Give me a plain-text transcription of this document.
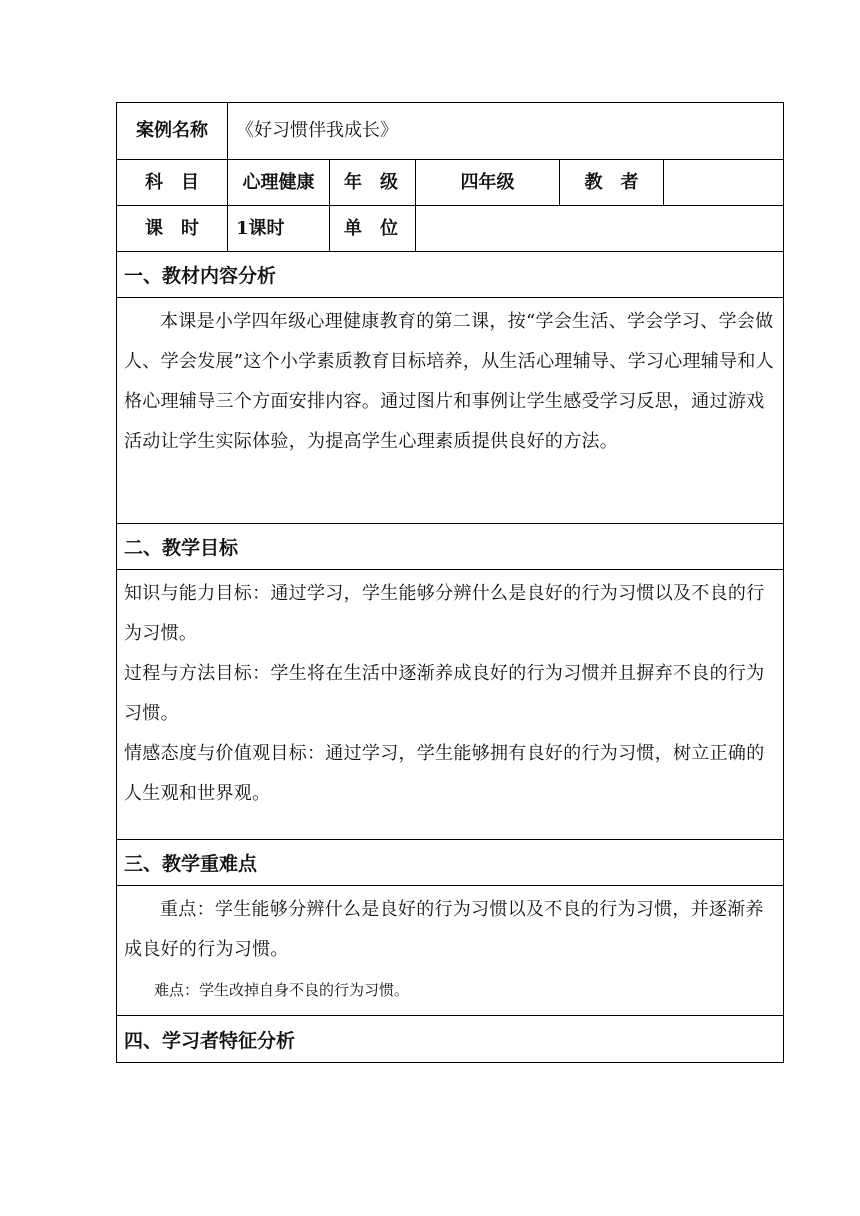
案例名称	《好习惯伴我成长》
科　目	心理健康	年　级	四年级	教　者
课　时	1课时	单　位
一、教材内容分析

本课是小学四年级心理健康教育的第二课，按“学会生活、学会学习、学会做人、学会发展”这个小学素质教育目标培养，从生活心理辅导、学习心理辅导和人格心理辅导三个方面安排内容。通过图片和事例让学生感受学习反思，通过游戏活动让学生实际体验，为提高学生心理素质提供良好的方法。

二、教学目标

知识与能力目标：通过学习，学生能够分辨什么是良好的行为习惯以及不良的行为习惯。

过程与方法目标：学生将在生活中逐渐养成良好的行为习惯并且摒弃不良的行为习惯。

情感态度与价值观目标：通过学习，学生能够拥有良好的行为习惯，树立正确的人生观和世界观。

三、教学重难点

重点：学生能够分辨什么是良好的行为习惯以及不良的行为习惯，并逐渐养成良好的行为习惯。

难点：学生改掉自身不良的行为习惯。

四、学习者特征分析
